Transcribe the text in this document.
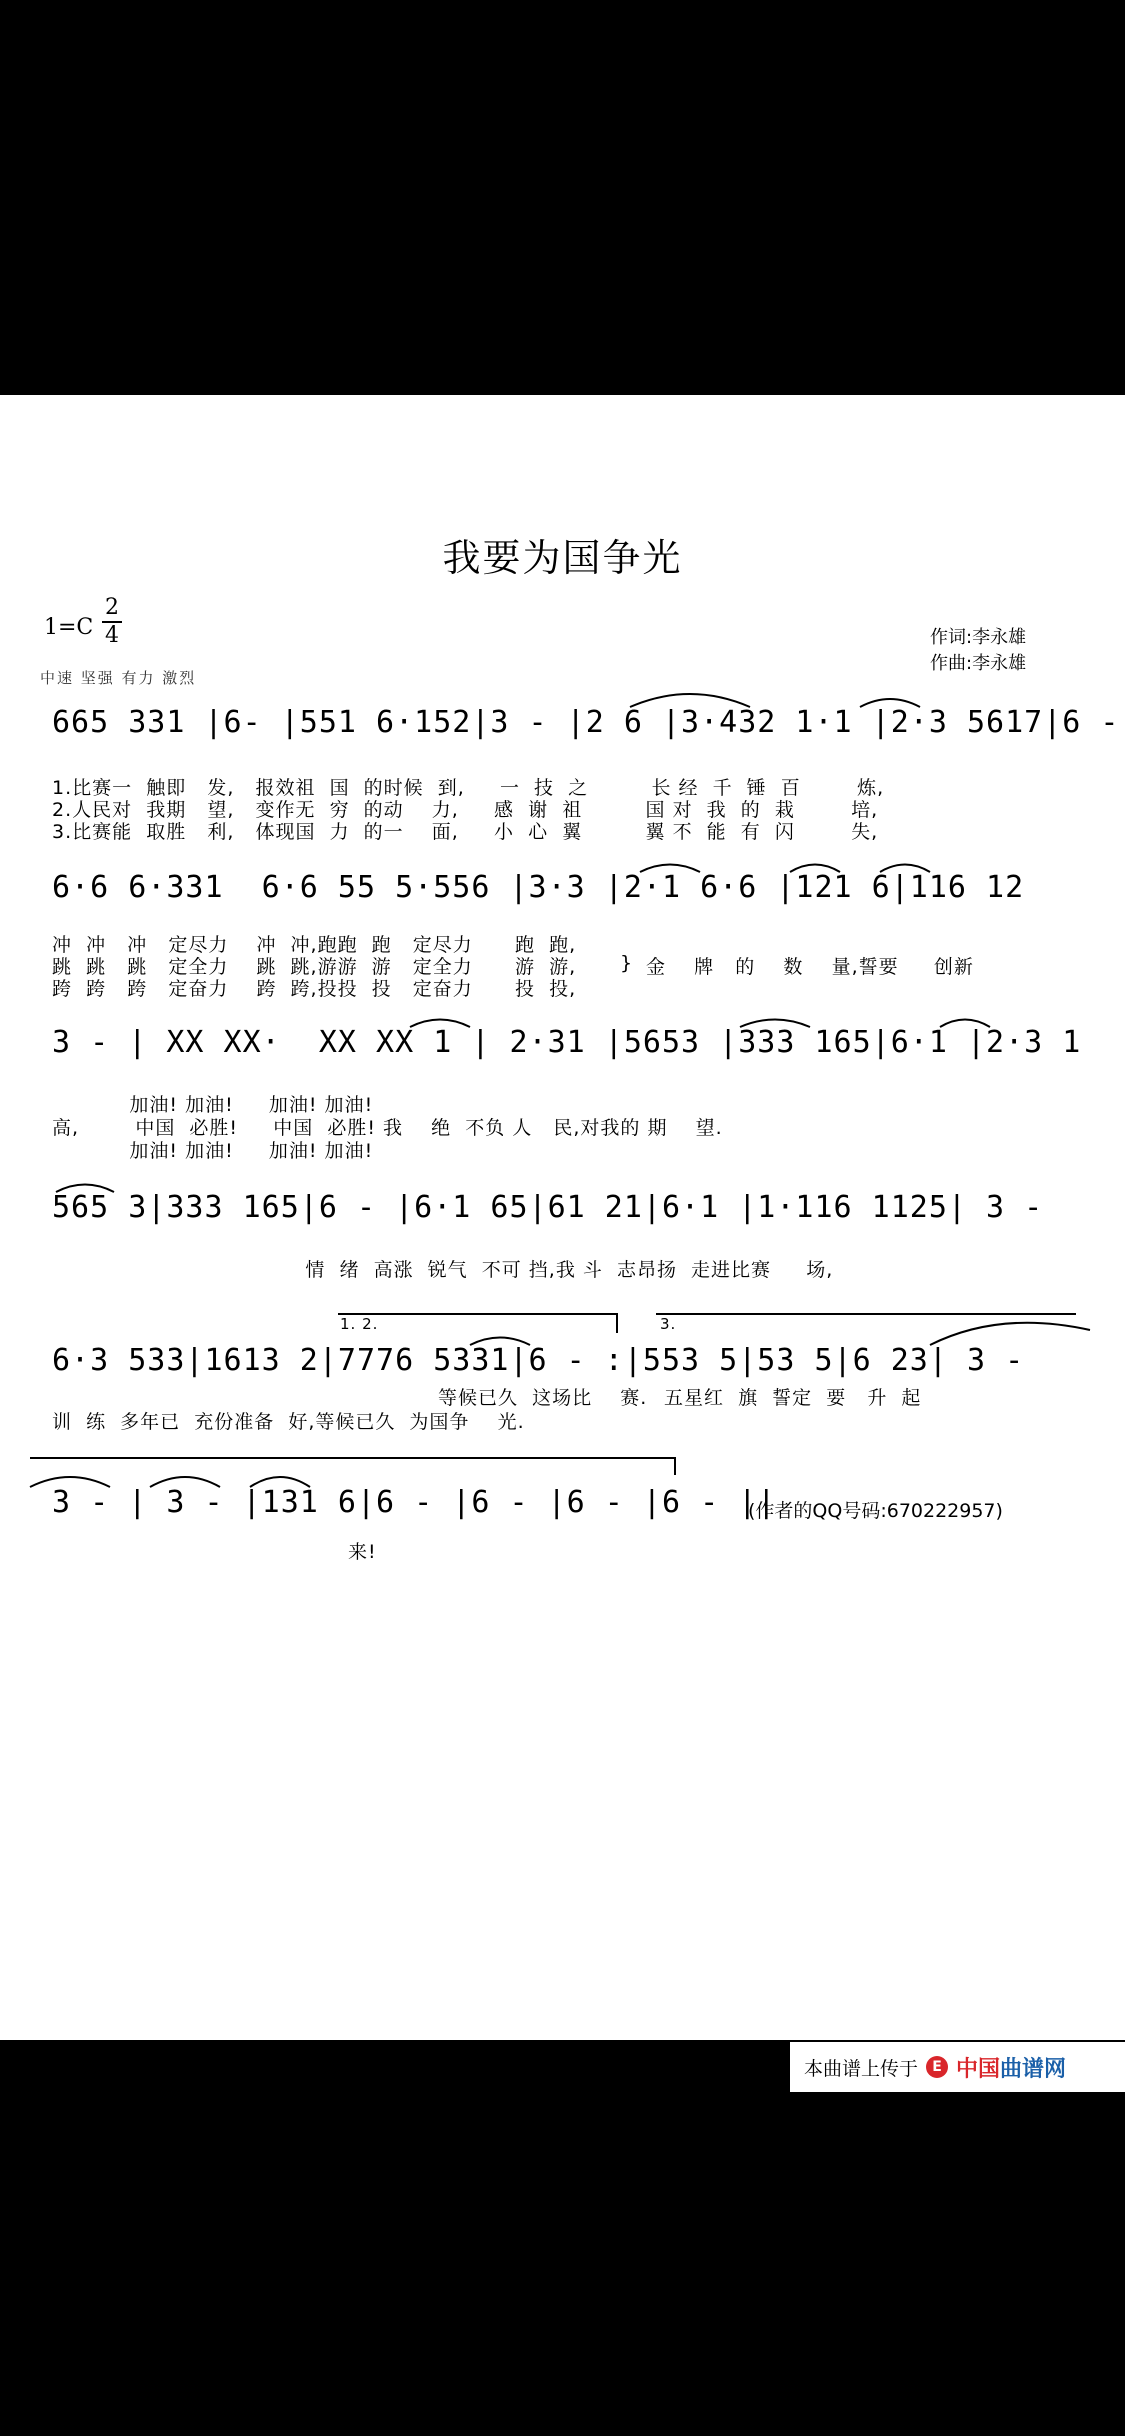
我要为国争光
1=C
2
4
中速 坚强 有力 激烈
作词:李永雄
作曲:李永雄
665 331 |6- |551 6·152|3 - |2 6 |3·432 1·1 |2·3 5617|6 -
1.比赛一  触即   发,   报效祖  国  的时候  到,     一  技  之         长 经  千  锤  百        炼,
2.人民对  我期   望,   变作无  穷  的动    力,     感  谢  祖         国 对  我  的  栽        培,
3.比赛能  取胜   利,   体现国  力  的一    面,     小  心  翼         翼 不  能  有  闪        失,
6·6 6·331  6·6 55 5·556 |3·3 |2·1 6·6 |121 6|116 12
冲  冲   冲   定尽力    冲  冲,跑跑  跑   定尽力      跑  跑,
跳  跳   跳   定全力    跳  跳,游游  游   定全力      游  游,
跨  跨   跨   定奋力    跨  跨,投投  投   定奋力      投  投,
} 金    牌   的    数    量,誓要     创新
3 - | XX XX·  XX XX 1 | 2·31 |5653 |333 165|6·1 |2·3 1
加油! 加油!     加油! 加油!
高,        中国  必胜!     中国  必胜! 我    绝  不负 人   民,对我的 期    望.
加油! 加油!     加油! 加油!
565 3|333 165|6 - |6·1 65|61 21|6·1 |1·116 1125| 3 -
情  绪  高涨  锐气  不可 挡,我 斗  志昂扬  走进比赛     场,
1. 2.	3.
6·3 533|1613 2|7776 5331|6 - :|553 5|53 5|6 23| 3 -
等候已久  这场比    赛.
训  练  多年已  充份准备  好,等候已久  为国争    光.
五星红  旗  誓定  要   升  起
3 - | 3 - |131 6|6 - |6 - |6 - |6 - ||
来!
(作者的QQ号码:670222957)
本曲谱上传于	E 中国曲谱网
